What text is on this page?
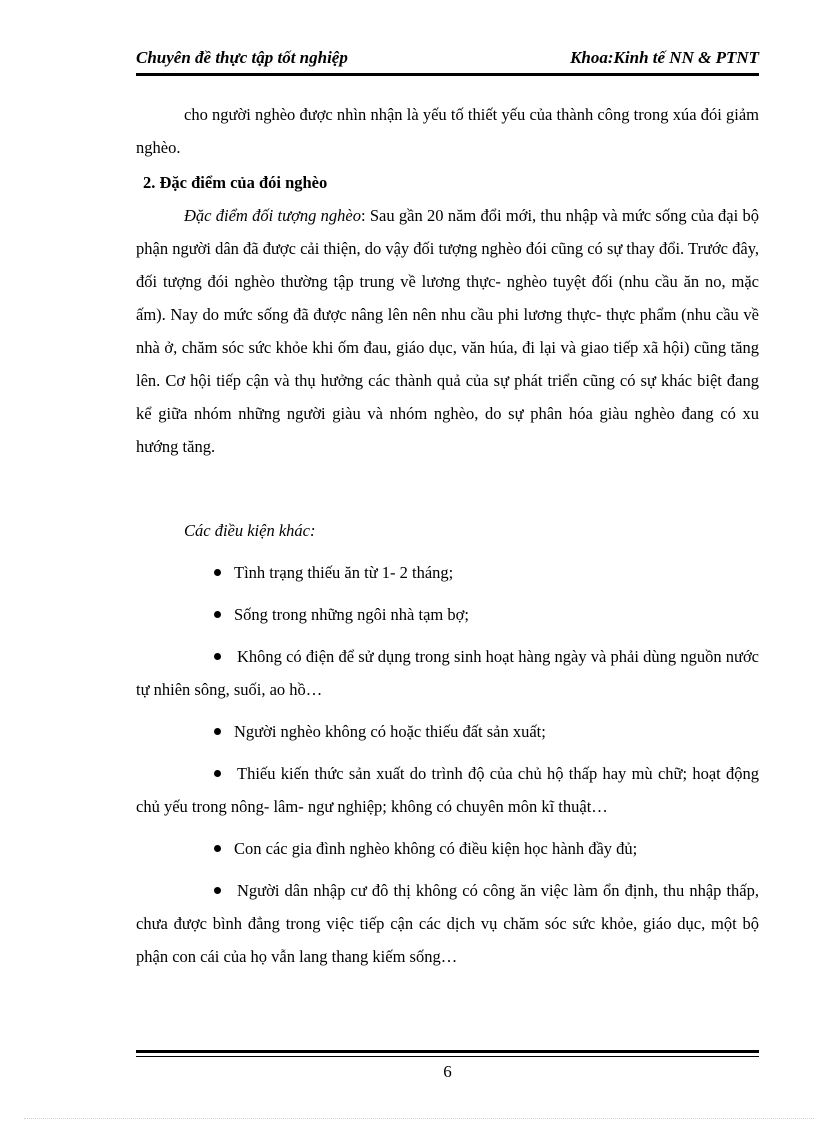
Chuyên đề thực tập tốt nghiệp	Khoa:Kinh tế NN & PTNT

cho người nghèo được nhìn nhận là yếu tố thiết yếu của thành công trong xúa đói giảm nghèo.

2. Đặc điểm của đói nghèo

Đặc điểm đối tượng nghèo: Sau gần 20 năm đổi mới, thu nhập và mức sống của đại bộ phận người dân đã được cải thiện, do vậy đối tượng nghèo đói cũng có sự thay đổi. Trước đây, đối tượng đói nghèo thường tập trung về lương thực- nghèo tuyệt đối (nhu cầu ăn no, mặc ấm). Nay do mức sống đã được nâng lên nên nhu cầu phi lương thực- thực phẩm (nhu cầu về nhà ở, chăm sóc sức khỏe khi ốm đau, giáo dục, văn húa, đi lại và giao tiếp xã hội) cũng tăng lên. Cơ hội tiếp cận và thụ hưởng các thành quả của sự phát triển cũng có sự khác biệt đang kể giữa nhóm những người giàu và nhóm nghèo, do sự phân hóa giàu nghèo đang có xu hướng tăng.

Các điều kiện khác:

Tình trạng thiếu ăn từ 1- 2 tháng;

Sống trong những ngôi nhà tạm bợ;

Không có điện để sử dụng trong sinh hoạt hàng ngày và phải dùng nguồn nước tự nhiên sông, suối, ao hồ…

Người nghèo không có hoặc thiếu đất sản xuất;

Thiếu kiến thức sản xuất do trình độ của chủ hộ thấp hay mù chữ; hoạt động chủ yếu trong nông- lâm- ngư nghiệp; không có chuyên môn kĩ thuật…

Con các gia đình nghèo không có điều kiện học hành đầy đủ;

Người dân nhập cư đô thị không có công ăn việc làm ổn định, thu nhập thấp, chưa được bình đẳng trong việc tiếp cận các dịch vụ chăm sóc sức khỏe, giáo dục, một bộ phận con cái của họ vẫn lang thang kiếm sống…

6
